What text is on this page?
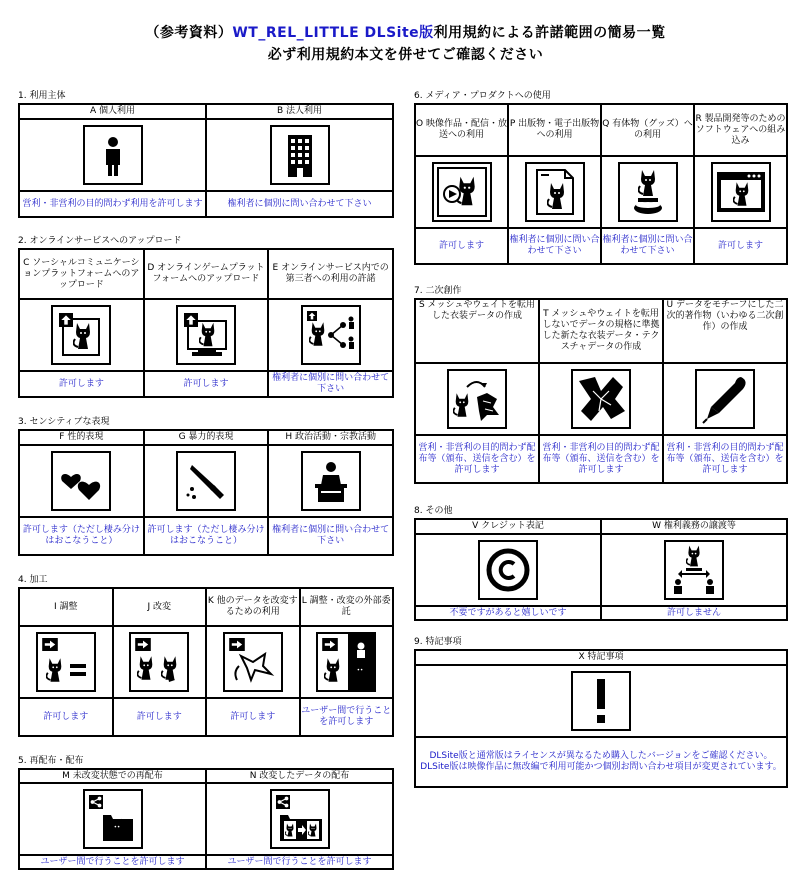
（参考資料）WT_REL_LITTLE DLSite版利用規約による許諾範囲の簡易一覧
必ず利用規約本文を併せてご確認ください
1. 利用主体
A 個人利用	B 法人利用

営利・非営利の目的問わず利用を許可します	権利者に個別に問い合わせて下さい
2. オンラインサービスへのアップロード
C ソーシャルコミュニケーションプラットフォームへのアップロード	D オンラインゲームプラットフォームへのアップロード	E オンラインサービス内での第三者への利用の許諾

許可します	許可します	権利者に個別に問い合わせて下さい
3. センシティブな表現
F 性的表現	G 暴力的表現	H 政治活動・宗教活動

許可します（ただし棲み分けはおこなうこと）	許可します（ただし棲み分けはおこなうこと）	権利者に個別に問い合わせて下さい
4. 加工
I 調整	J 改変	K 他のデータを改変するための利用	L 調整・改変の外部委託

許可します	許可します	許可します	ユーザー間で行うことを許可します
5. 再配布・配布
M 未改変状態での再配布	N 改変したデータの配布

ユーザー間で行うことを許可します	ユーザー間で行うことを許可します
6. メディア・プロダクトへの使用
O 映像作品・配信・放送への利用	P 出版物・電子出版物への利用	Q 有体物（グッズ）への利用	R 製品開発等のためのソフトウェアへの組み込み

許可します	権利者に個別に問い合わせて下さい	権利者に個別に問い合わせて下さい	許可します
7. 二次創作
S メッシュやウェイトを転用した衣装データの作成	T メッシュやウェイトを転用しないでデータの規格に準拠した新たな衣装データ・テクスチャデータの作成	U データをモチーフにした二次的著作物（いわゆる二次創作）の作成

営利・非営利の目的問わず配布等（頒布、送信を含む）を許可します	営利・非営利の目的問わず配布等（頒布、送信を含む）を許可します	営利・非営利の目的問わず配布等（頒布、送信を含む）を許可します
8. その他
V クレジット表記	W 権利義務の譲渡等

不要ですがあると嬉しいです	許可しません
9. 特記事項
X 特記事項

DLSite版と通常版はライセンスが異なるため購入したバージョンをご確認ください。
DLSite版は映像作品に無改編で利用可能かつ個別お問い合わせ項目が変更されています。
